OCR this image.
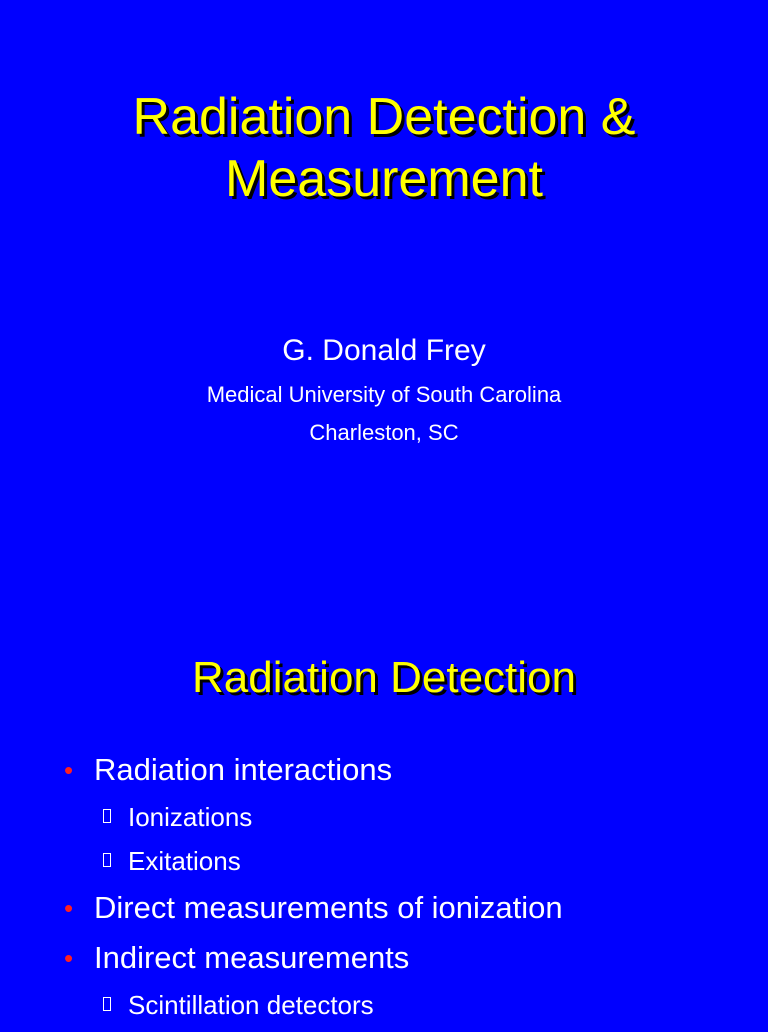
Radiation Detection &
Measurement
G. Donald Frey
Medical University of South Carolina
Charleston, SC
Radiation Detection
• Radiation interactions
Ionizations
Exitations
• Direct measurements of ionization
• Indirect measurements
Scintillation detectors
